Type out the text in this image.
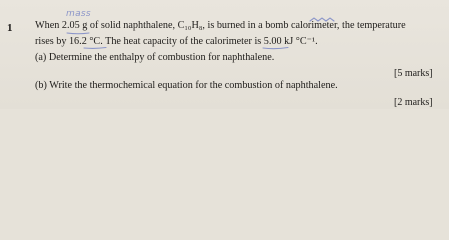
1
mass
When 2.05 g of solid naphthalene, C₁₀H₈, is burned in a bomb calorimeter, the temperature
rises by 16.2 °C. The heat capacity of the calorimeter is 5.00 kJ °C⁻¹.
(a) Determine the enthalpy of combustion for naphthalene.
[5 marks]
(b) Write the thermochemical equation for the combustion of naphthalene.
[2 marks]
